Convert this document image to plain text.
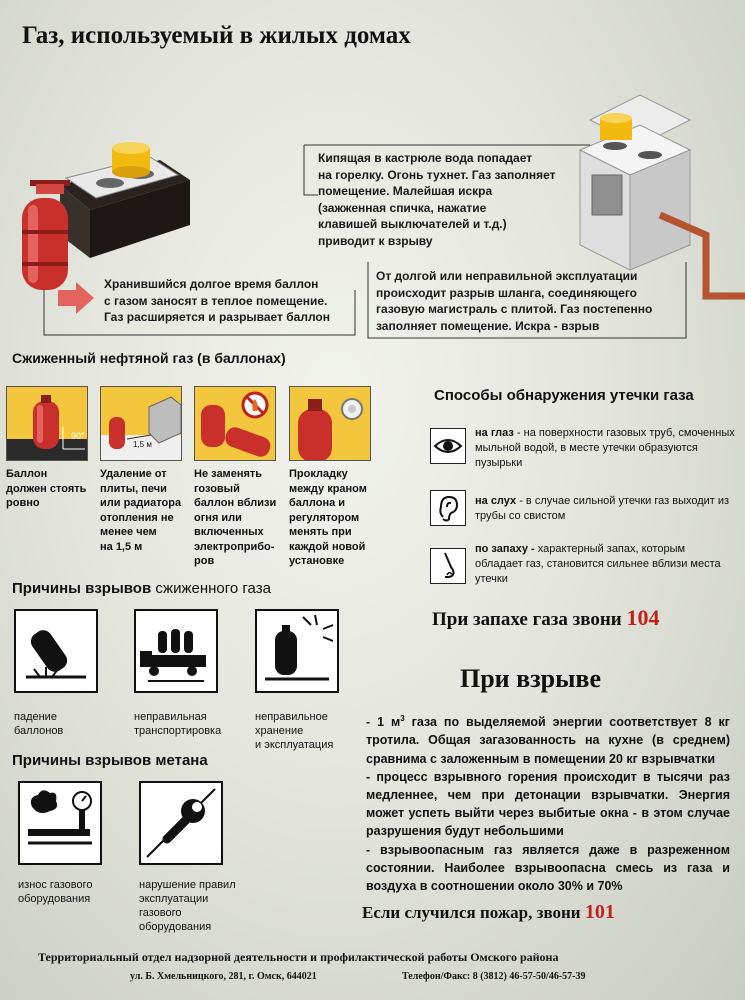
Газ, используемый в жилых домах
Кипящая в кастрюле вода попадает
на горелку. Огонь тухнет. Газ заполняет
помещение. Малейшая искра
(зажженная спичка, нажатие
клавишей выключателей и т.д.)
приводит к взрыву
От долгой или неправильной эксплуатации
происходит разрыв шланга, соединяющего
газовую магистраль с плитой. Газ постепенно
заполняет помещение. Искра - взрыв
Хранившийся долгое время баллон
с газом заносят в теплое помещение.
Газ расширяется и разрывает баллон
Сжиженный нефтяной газ (в баллонах)
90°
1,5 м
Баллон
должен стоять
ровно
Удаление от
плиты, печи
или радиатора
отопления не
менее чем
на 1,5 м
Не заменять
гозовый
баллон вблизи
огня или
включенных
электроприбо-
ров
Прокладку
между краном
баллона и
регулятором
менять при
каждой новой
установке
Способы обнаружения утечки газа
на глаз - на поверхности газовых труб, смоченных мыльной водой, в месте утечки образуются пузырьки
на слух - в случае сильной утечки газ выходит из трубы со свистом
по запаху - характерный запах, которым обладает газ, становится сильнее вблизи места утечки
При запахе газа звони 104
Причины взрывов сжиженного газа
падение
баллонов
неправильная
транспортировка
неправильное
хранение
и эксплуатация
Причины взрывов метана
износ газового
оборудования
нарушение правил
эксплуатации
газового
оборудования
При взрыве

- 1 $м^3$ газа по выделяемой энергии соответствует 8 кг тротила. Общая загазованность на кухне (в среднем) сравнима с заложенным в помещении 20 кг взрывчатки

- процесс взрывного горения происходит в тысячи раз медленнее, чем при детонации взрывчатки. Энергия может успеть выйти через выбитые окна - в этом случае разрушения будут небольшими

- взрывоопасным газ является даже в разреженном состоянии. Наиболее взрывоопасна смесь из газа и воздуха в соотношении около 30% и 70%

Если случился пожар, звони 101
Территориальный отдел надзорной деятельности и профилактической работы Омского района
ул. Б. Хмельницкого, 281, г. Омск, 644021	Телефон/Факс: 8 (3812) 46-57-50/46-57-39
